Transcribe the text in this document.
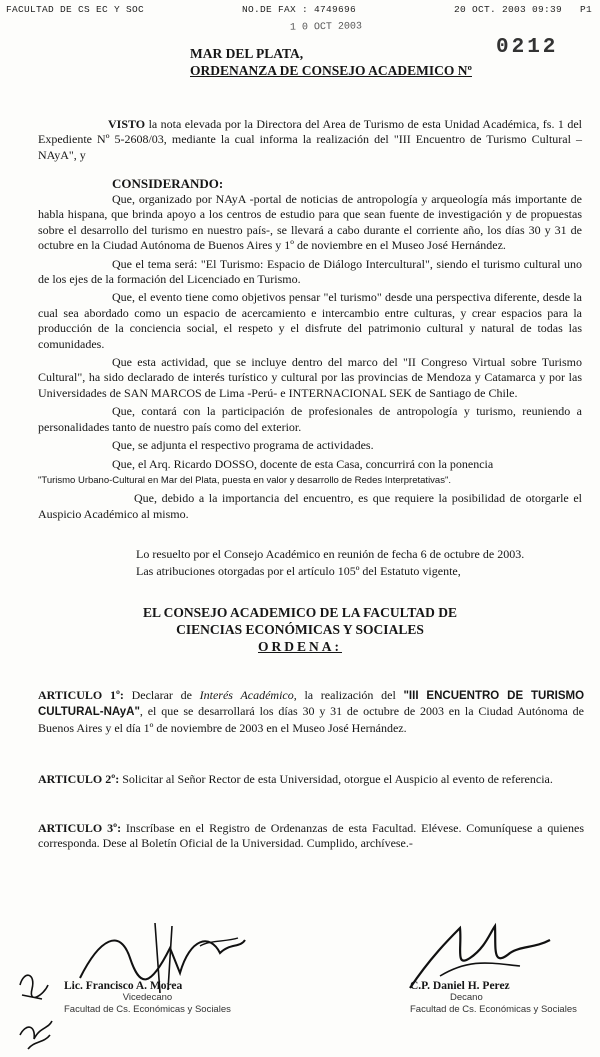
FACULTAD DE CS EC Y SOC	NO.DE FAX : 4749696	20 OCT. 2003 09:39 P1
1 0 OCT 2003
MAR DEL PLATA,
ORDENANZA DE CONSEJO ACADEMICO Nº
0212

VISTO la nota elevada por la Directora del Area de Turismo de esta Unidad Académica, fs. 1 del Expediente Nº 5-2608/03, mediante la cual informa la realización del "III Encuentro de Turismo Cultural – NAyA", y

CONSIDERANDO:

Que, organizado por NAyA -portal de noticias de antropología y arqueología más importante de habla hispana, que brinda apoyo a los centros de estudio para que sean fuente de investigación y de propuestas sobre el desarrollo del turismo en nuestro país-, se llevará a cabo durante el corriente año, los días 30 y 31 de octubre en la Ciudad Autónoma de Buenos Aires y 1º de noviembre en el Museo José Hernández.

Que el tema será: "El Turismo: Espacio de Diálogo Intercultural", siendo el turismo cultural uno de los ejes de la formación del Licenciado en Turismo.

Que, el evento tiene como objetivos pensar "el turismo" desde una perspectiva diferente, desde la cual sea abordado como un espacio de acercamiento e intercambio entre culturas, y crear espacios para la producción de la conciencia social, el respeto y el disfrute del patrimonio cultural y natural de todas las comunidades.

Que esta actividad, que se incluye dentro del marco del "II Congreso Virtual sobre Turismo Cultural", ha sido declarado de interés turístico y cultural por las provincias de Mendoza y Catamarca y por las Universidades de SAN MARCOS de Lima -Perú- e INTERNACIONAL SEK de Santiago de Chile.

Que, contará con la participación de profesionales de antropología y turismo, reuniendo a personalidades tanto de nuestro país como del exterior.

Que, se adjunta el respectivo programa de actividades.

Que, el Arq. Ricardo DOSSO, docente de esta Casa, concurrirá con la ponencia

"Turismo Urbano-Cultural en Mar del Plata, puesta en valor y desarrollo de Redes Interpretativas".

Que, debido a la importancia del encuentro, es que requiere la posibilidad de otorgarle el Auspicio Académico al mismo.

Lo resuelto por el Consejo Académico en reunión de fecha 6 de octubre de 2003.

Las atribuciones otorgadas por el artículo 105º del Estatuto vigente,

EL CONSEJO ACADEMICO DE LA FACULTAD DE
CIENCIAS ECONÓMICAS Y SOCIALES
ORDENA:

ARTICULO 1º: Declarar de Interés Académico, la realización del "III ENCUENTRO DE TURISMO CULTURAL-NAyA", el que se desarrollará los días 30 y 31 de octubre de 2003 en la Ciudad Autónoma de Buenos Aires y el día 1º de noviembre de 2003 en el Museo José Hernández.

ARTICULO 2º: Solicitar al Señor Rector de esta Universidad, otorgue el Auspicio al evento de referencia.

ARTICULO 3º: Inscríbase en el Registro de Ordenanzas de esta Facultad. Elévese. Comuníquese a quienes corresponda. Dese al Boletín Oficial de la Universidad. Cumplido, archívese.-

Lic. Francisco A. Morea
Vicedecano
Facultad de Cs. Económicas y Sociales
C.P. Daniel H. Perez
Decano
Facultad de Cs. Económicas y Sociales
